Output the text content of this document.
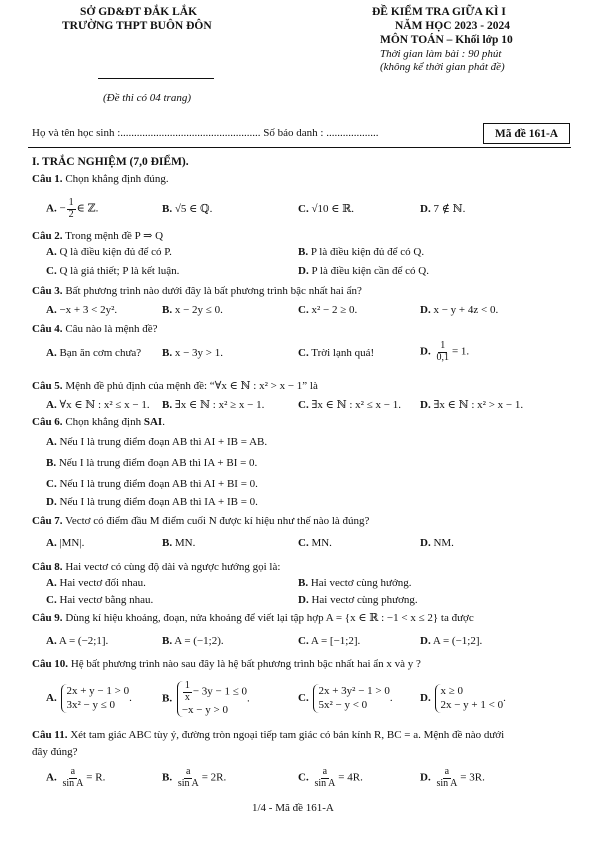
SỞ GD&ĐT ĐẮK LẮK
TRƯỜNG THPT BUÔN ĐÔN
(Đề thi có 04 trang)
ĐỀ KIỂM TRA GIỮA KÌ I
NĂM HỌC 2023 - 2024
MÔN TOÁN – Khối lớp 10
Thời gian làm bài : 90 phút
(không kể thời gian phát đề)
Họ và tên học sinh :................................................... Số báo danh : ...................	Mã đề 161-A
I. TRẮC NGHIỆM (7,0 ĐIỂM).
Câu 1. Chọn khẳng định đúng.
A. − $\frac{1}{2}$ ∈ ℤ.	B. √5 ∈ ℚ.	C. √10 ∈ ℝ.	D. 7 ∉ ℕ.
Câu 2. Trong mệnh đề P ⇒ Q
A. Q là điều kiện đủ để có P.	B. P là điều kiện đủ để có Q.
C. Q là giả thiết; P là kết luận.	D. P là điều kiện cần để có Q.
Câu 3. Bất phương trình nào dưới đây là bất phương trình bậc nhất hai ẩn?
A. −x + 3 < 2y².	B. x − 2y ≤ 0.	C. x² − 2 ≥ 0.	D. x − y + 4z < 0.
Câu 4. Câu nào là mệnh đề?
A. Bạn ăn cơm chưa? B. x − 3y > 1.	C. Trời lạnh quá!	D. $\frac{1}{0,1} = 1$.
Câu 5. Mệnh đề phủ định của mệnh đề: “∀x ∈ ℕ : x² > x − 1” là
A. ∀x ∈ ℕ : x² ≤ x − 1. B. ∃x ∈ ℕ : x² ≥ x − 1.	C. ∃x ∈ ℕ : x² ≤ x − 1. D. ∃x ∈ ℕ : x² > x − 1.
Câu 6. Chọn khẳng định SAI.
A. Nếu I là trung điểm đoạn AB thì AI + IB = AB.
B. Nếu I là trung điểm đoạn AB thì IA + BI = 0.
C. Nếu I là trung điểm đoạn AB thì AI + BI = 0.
D. Nếu I là trung điểm đoạn AB thì IA + IB = 0.
Câu 7. Vectơ có điểm đầu M điểm cuối N được kí hiệu như thế nào là đúng?
A. |MN|.	B. MN.	C. MN.	D. NM.
Câu 8. Hai vectơ có cùng độ dài và ngược hướng gọi là:
A. Hai vectơ đối nhau.	B. Hai vectơ cùng hướng.
C. Hai vectơ bằng nhau.	D. Hai vectơ cùng phương.
Câu 9. Dùng kí hiệu khoảng, đoạn, nửa khoảng để viết lại tập hợp A = {x ∈ ℝ : −1 < x ≤ 2} ta được
A. A = (−2;1].	B. A = (−1;2).	C. A = [−1;2].	D. A = (−1;2].
Câu 10. Hệ bất phương trình nào sau đây là hệ bất phương trình bậc nhất hai ẩn x và y ?
A.
2x + y − 1 > 0
3x² − y ≤ 0
.	B. $\frac{1}{x} - 3y - 1 \le 0$
−x − y > 0
.	C.
2x + 3y² − 1 > 0
5x² − y < 0
. D.
x ≥ 0
2x − y + 1 < 0
.
Câu 11. Xét tam giác ABC tùy ý, đường tròn ngoại tiếp tam giác có bán kính R, BC = a. Mệnh đề nào dưới
đây đúng?
A. $\frac{a}{\text{sin A}} = R$.	B. $\frac{a}{\text{sin A}} = 2R$.	C. $\frac{a}{\text{sin A}} = 4R$.	D. $\frac{a}{\text{sin A}} = 3R$.
1/4 - Mã đề 161-A
